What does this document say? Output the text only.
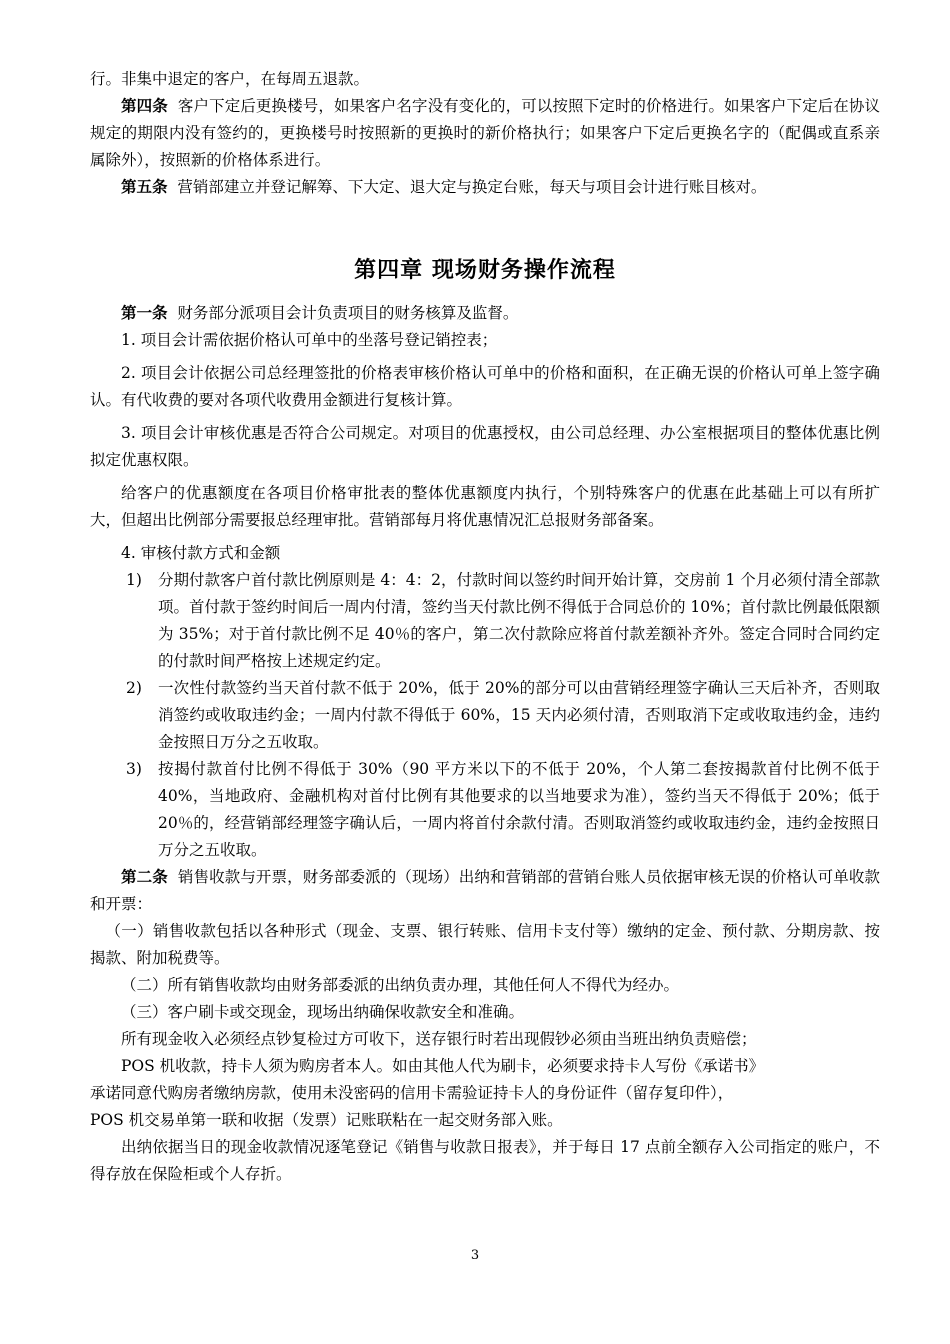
行。非集中退定的客户，在每周五退款。

第四条 客户下定后更换楼号，如果客户名字没有变化的，可以按照下定时的价格进行。如果客户下定后在协议规定的期限内没有签约的，更换楼号时按照新的更换时的新价格执行；如果客户下定后更换名字的（配偶或直系亲属除外），按照新的价格体系进行。

第五条 营销部建立并登记解筹、下大定、退大定与换定台账，每天与项目会计进行账目核对。

第四章 现场财务操作流程

第一条 财务部分派项目会计负责项目的财务核算及监督。

1. 项目会计需依据价格认可单中的坐落号登记销控表；

2. 项目会计依据公司总经理签批的价格表审核价格认可单中的价格和面积，在正确无误的价格认可单上签字确认。有代收费的要对各项代收费用金额进行复核计算。

3. 项目会计审核优惠是否符合公司规定。对项目的优惠授权，由公司总经理、办公室根据项目的整体优惠比例拟定优惠权限。

给客户的优惠额度在各项目价格审批表的整体优惠额度内执行，个别特殊客户的优惠在此基础上可以有所扩大，但超出比例部分需要报总经理审批。营销部每月将优惠情况汇总报财务部备案。

4. 审核付款方式和金额

1)	分期付款客户首付款比例原则是 4：4：2，付款时间以签约时间开始计算，交房前 1 个月必须付清全部款项。首付款于签约时间后一周内付清，签约当天付款比例不得低于合同总价的 10%；首付款比例最低限额为 35%；对于首付款比例不足 40％的客户，第二次付款除应将首付款差额补齐外。签定合同时合同约定的付款时间严格按上述规定约定。
2)	一次性付款签约当天首付款不低于 20%，低于 20%的部分可以由营销经理签字确认三天后补齐，否则取消签约或收取违约金；一周内付款不得低于 60%，15 天内必须付清，否则取消下定或收取违约金，违约金按照日万分之五收取。
3)	按揭付款首付比例不得低于 30%（90 平方米以下的不低于 20%，个人第二套按揭款首付比例不低于 40%，当地政府、金融机构对首付比例有其他要求的以当地要求为准），签约当天不得低于 20%；低于 20％的，经营销部经理签字确认后，一周内将首付余款付清。否则取消签约或收取违约金，违约金按照日万分之五收取。

第二条 销售收款与开票，财务部委派的（现场）出纳和营销部的营销台账人员依据审核无误的价格认可单收款和开票：

（一）销售收款包括以各种形式（现金、支票、银行转账、信用卡支付等）缴纳的定金、预付款、分期房款、按揭款、附加税费等。

（二）所有销售收款均由财务部委派的出纳负责办理，其他任何人不得代为经办。

（三）客户刷卡或交现金，现场出纳确保收款安全和准确。

所有现金收入必须经点钞复检过方可收下，送存银行时若出现假钞必须由当班出纳负责赔偿；

POS 机收款，持卡人须为购房者本人。如由其他人代为刷卡，必须要求持卡人写份《承诺书》

承诺同意代购房者缴纳房款，使用未没密码的信用卡需验证持卡人的身份证件（留存复印件），

POS 机交易单第一联和收据（发票）记账联粘在一起交财务部入账。

出纳依据当日的现金收款情况逐笔登记《销售与收款日报表》，并于每日 17 点前全额存入公司指定的账户，不得存放在保险柜或个人存折。

3
